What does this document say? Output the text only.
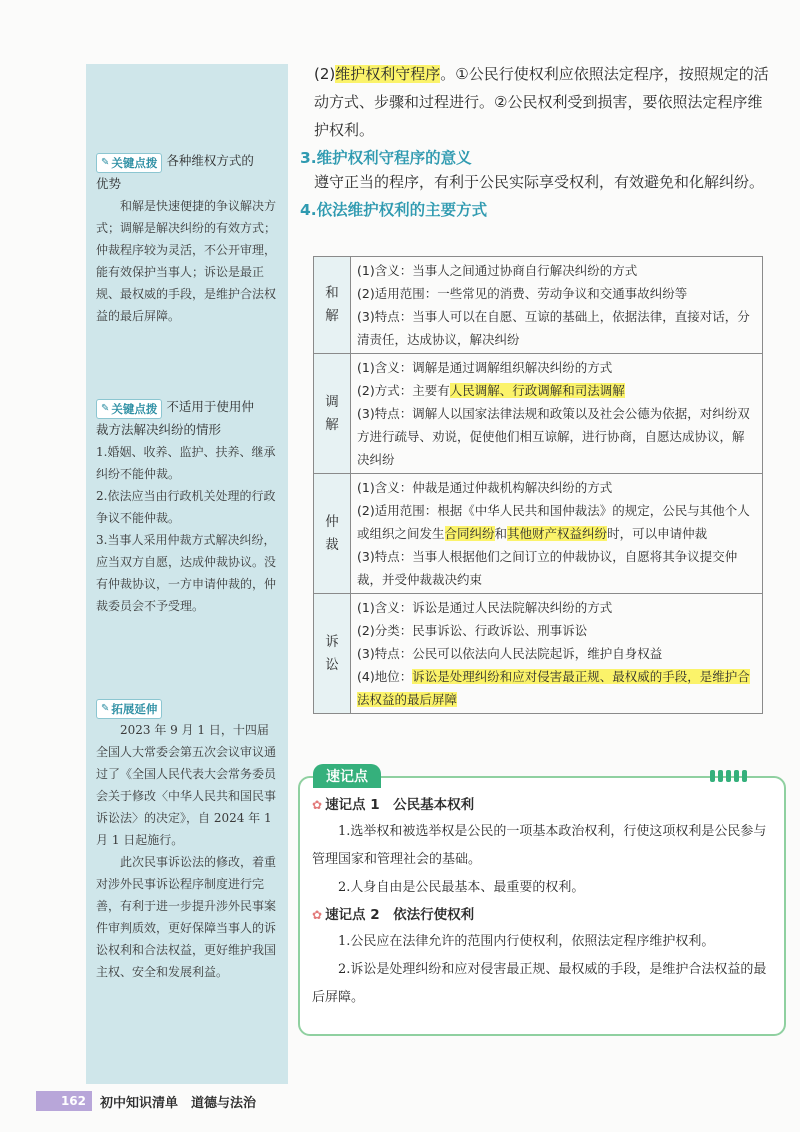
✎ 关键点拨 各种维权方式的
优势

和解是快速便捷的争议解决方式；调解是解决纠纷的有效方式；仲裁程序较为灵活，不公开审理，能有效保护当事人；诉讼是最正规、最权威的手段，是维护合法权益的最后屏障。

✎ 关键点拨 不适用于使用仲
裁方法解决纠纷的情形

1.婚姻、收养、监护、扶养、继承纠纷不能仲裁。

2.依法应当由行政机关处理的行政争议不能仲裁。

3.当事人采用仲裁方式解决纠纷，应当双方自愿，达成仲裁协议。没有仲裁协议，一方申请仲裁的，仲裁委员会不予受理。

✎ 拓展延伸

2023 年 9 月 1 日，十四届全国人大常委会第五次会议审议通过了《全国人民代表大会常务委员会关于修改〈中华人民共和国民事诉讼法〉的决定》，自 2024 年 1 月 1 日起施行。

此次民事诉讼法的修改，着重对涉外民事诉讼程序制度进行完善，有利于进一步提升涉外民事案件审判质效，更好保障当事人的诉讼权利和合法权益，更好维护我国主权、安全和发展利益。

(2)维护权利守程序。①公民行使权利应依照法定程序，按照规定的活动方式、步骤和过程进行。②公民权利受到损害，要依照法定程序维护权利。

3.维护权利守程序的意义

遵守正当的程序，有利于公民实际享受权利，有效避免和化解纠纷。

4.依法维护权利的主要方式

和解	(1)含义：当事人之间通过协商自行解决纠纷的方式
(2)适用范围：一些常见的消费、劳动争议和交通事故纠纷等
(3)特点：当事人可以在自愿、互谅的基础上，依据法律，直接对话，分清责任，达成协议，解决纠纷

调解	(1)含义：调解是通过调解组织解决纠纷的方式
(2)方式：主要有人民调解、行政调解和司法调解
(3)特点：调解人以国家法律法规和政策以及社会公德为依据，对纠纷双方进行疏导、劝说，促使他们相互谅解，进行协商，自愿达成协议，解决纠纷

仲裁	(1)含义：仲裁是通过仲裁机构解决纠纷的方式
(2)适用范围：根据《中华人民共和国仲裁法》的规定，公民与其他个人或组织之间发生合同纠纷和其他财产权益纠纷时，可以申请仲裁
(3)特点：当事人根据他们之间订立的仲裁协议，自愿将其争议提交仲裁，并受仲裁裁决约束

诉讼	(1)含义：诉讼是通过人民法院解决纠纷的方式
(2)分类：民事诉讼、行政诉讼、刑事诉讼
(3)特点：公民可以依法向人民法院起诉，维护自身权益
(4)地位：诉讼是处理纠纷和应对侵害最正规、最权威的手段，是维护合法权益的最后屏障
速记点

✿ 速记点 1　公民基本权利

1.选举权和被选举权是公民的一项基本政治权利，行使这项权利是公民参与管理国家和管理社会的基础。

2.人身自由是公民最基本、最重要的权利。

✿ 速记点 2　依法行使权利

1.公民应在法律允许的范围内行使权利，依照法定程序维护权利。

2.诉讼是处理纠纷和应对侵害最正规、最权威的手段，是维护合法权益的最后屏障。

162	初中知识清单　道德与法治
